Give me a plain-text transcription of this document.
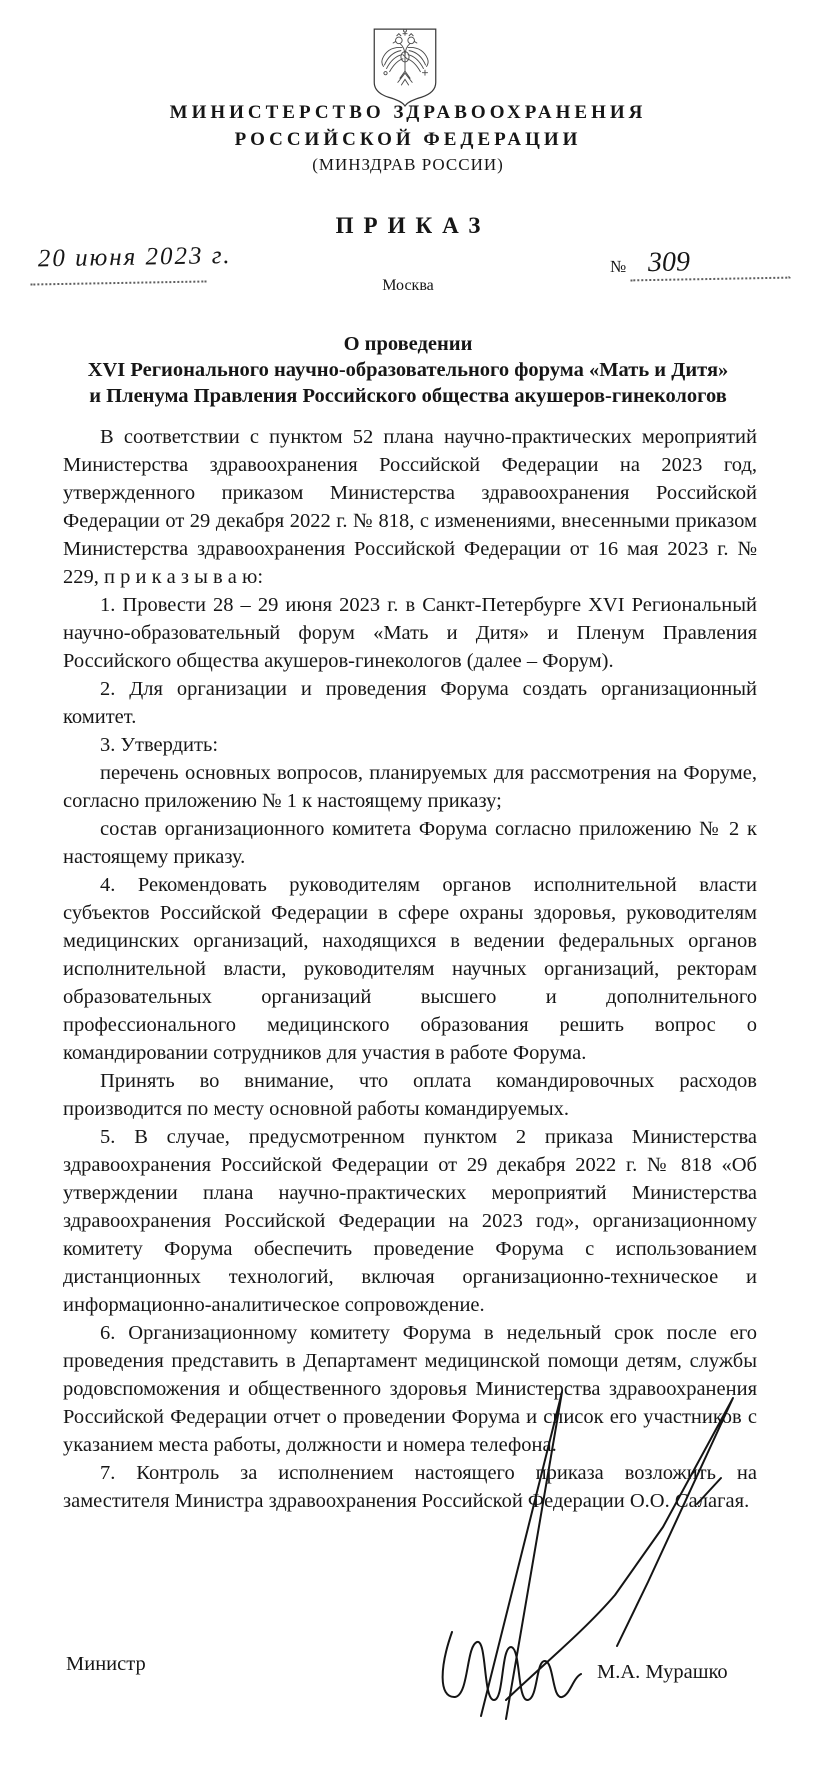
МИНИСТЕРСТВО ЗДРАВООХРАНЕНИЯ
РОССИЙСКОЙ ФЕДЕРАЦИИ
(МИНЗДРАВ РОССИИ)
ПРИКАЗ
20 июня 2023 г.
Москва
№ 309
О проведении
XVI Регионального научно-образовательного форума «Мать и Дитя»
и Пленума Правления Российского общества акушеров-гинекологов

В соответствии с пунктом 52 плана научно-практических мероприятий Министерства здравоохранения Российской Федерации на 2023 год, утвержденного приказом Министерства здравоохранения Российской Федерации от 29 декабря 2022 г. № 818, с изменениями, внесенными приказом Министерства здравоохранения Российской Федерации от 16 мая 2023 г. № 229, п р и к а з ы в а ю:

1. Провести 28 – 29 июня 2023 г. в Санкт-Петербурге XVI Региональный научно-образовательный форум «Мать и Дитя» и Пленум Правления Российского общества акушеров-гинекологов (далее – Форум).

2. Для организации и проведения Форума создать организационный комитет.

3. Утвердить:

перечень основных вопросов, планируемых для рассмотрения на Форуме, согласно приложению № 1 к настоящему приказу;

состав организационного комитета Форума согласно приложению № 2 к настоящему приказу.

4. Рекомендовать руководителям органов исполнительной власти субъектов Российской Федерации в сфере охраны здоровья, руководителям медицинских организаций, находящихся в ведении федеральных органов исполнительной власти, руководителям научных организаций, ректорам образовательных организаций высшего и дополнительного профессионального медицинского образования решить вопрос о командировании сотрудников для участия в работе Форума.

Принять во внимание, что оплата командировочных расходов производится по месту основной работы командируемых.

5. В случае, предусмотренном пунктом 2 приказа Министерства здравоохранения Российской Федерации от 29 декабря 2022 г. № 818 «Об утверждении плана научно-практических мероприятий Министерства здравоохранения Российской Федерации на 2023 год», организационному комитету Форума обеспечить проведение Форума с использованием дистанционных технологий, включая организационно-техническое и информационно-аналитическое сопровождение.

6. Организационному комитету Форума в недельный срок после его проведения представить в Департамент медицинской помощи детям, службы родовспоможения и общественного здоровья Министерства здравоохранения Российской Федерации отчет о проведении Форума и список его участников с указанием места работы, должности и номера телефона.

7. Контроль за исполнением настоящего приказа возложить на заместителя Министра здравоохранения Российской Федерации О.О. Салагая.

Министр	М.А. Мурашко
